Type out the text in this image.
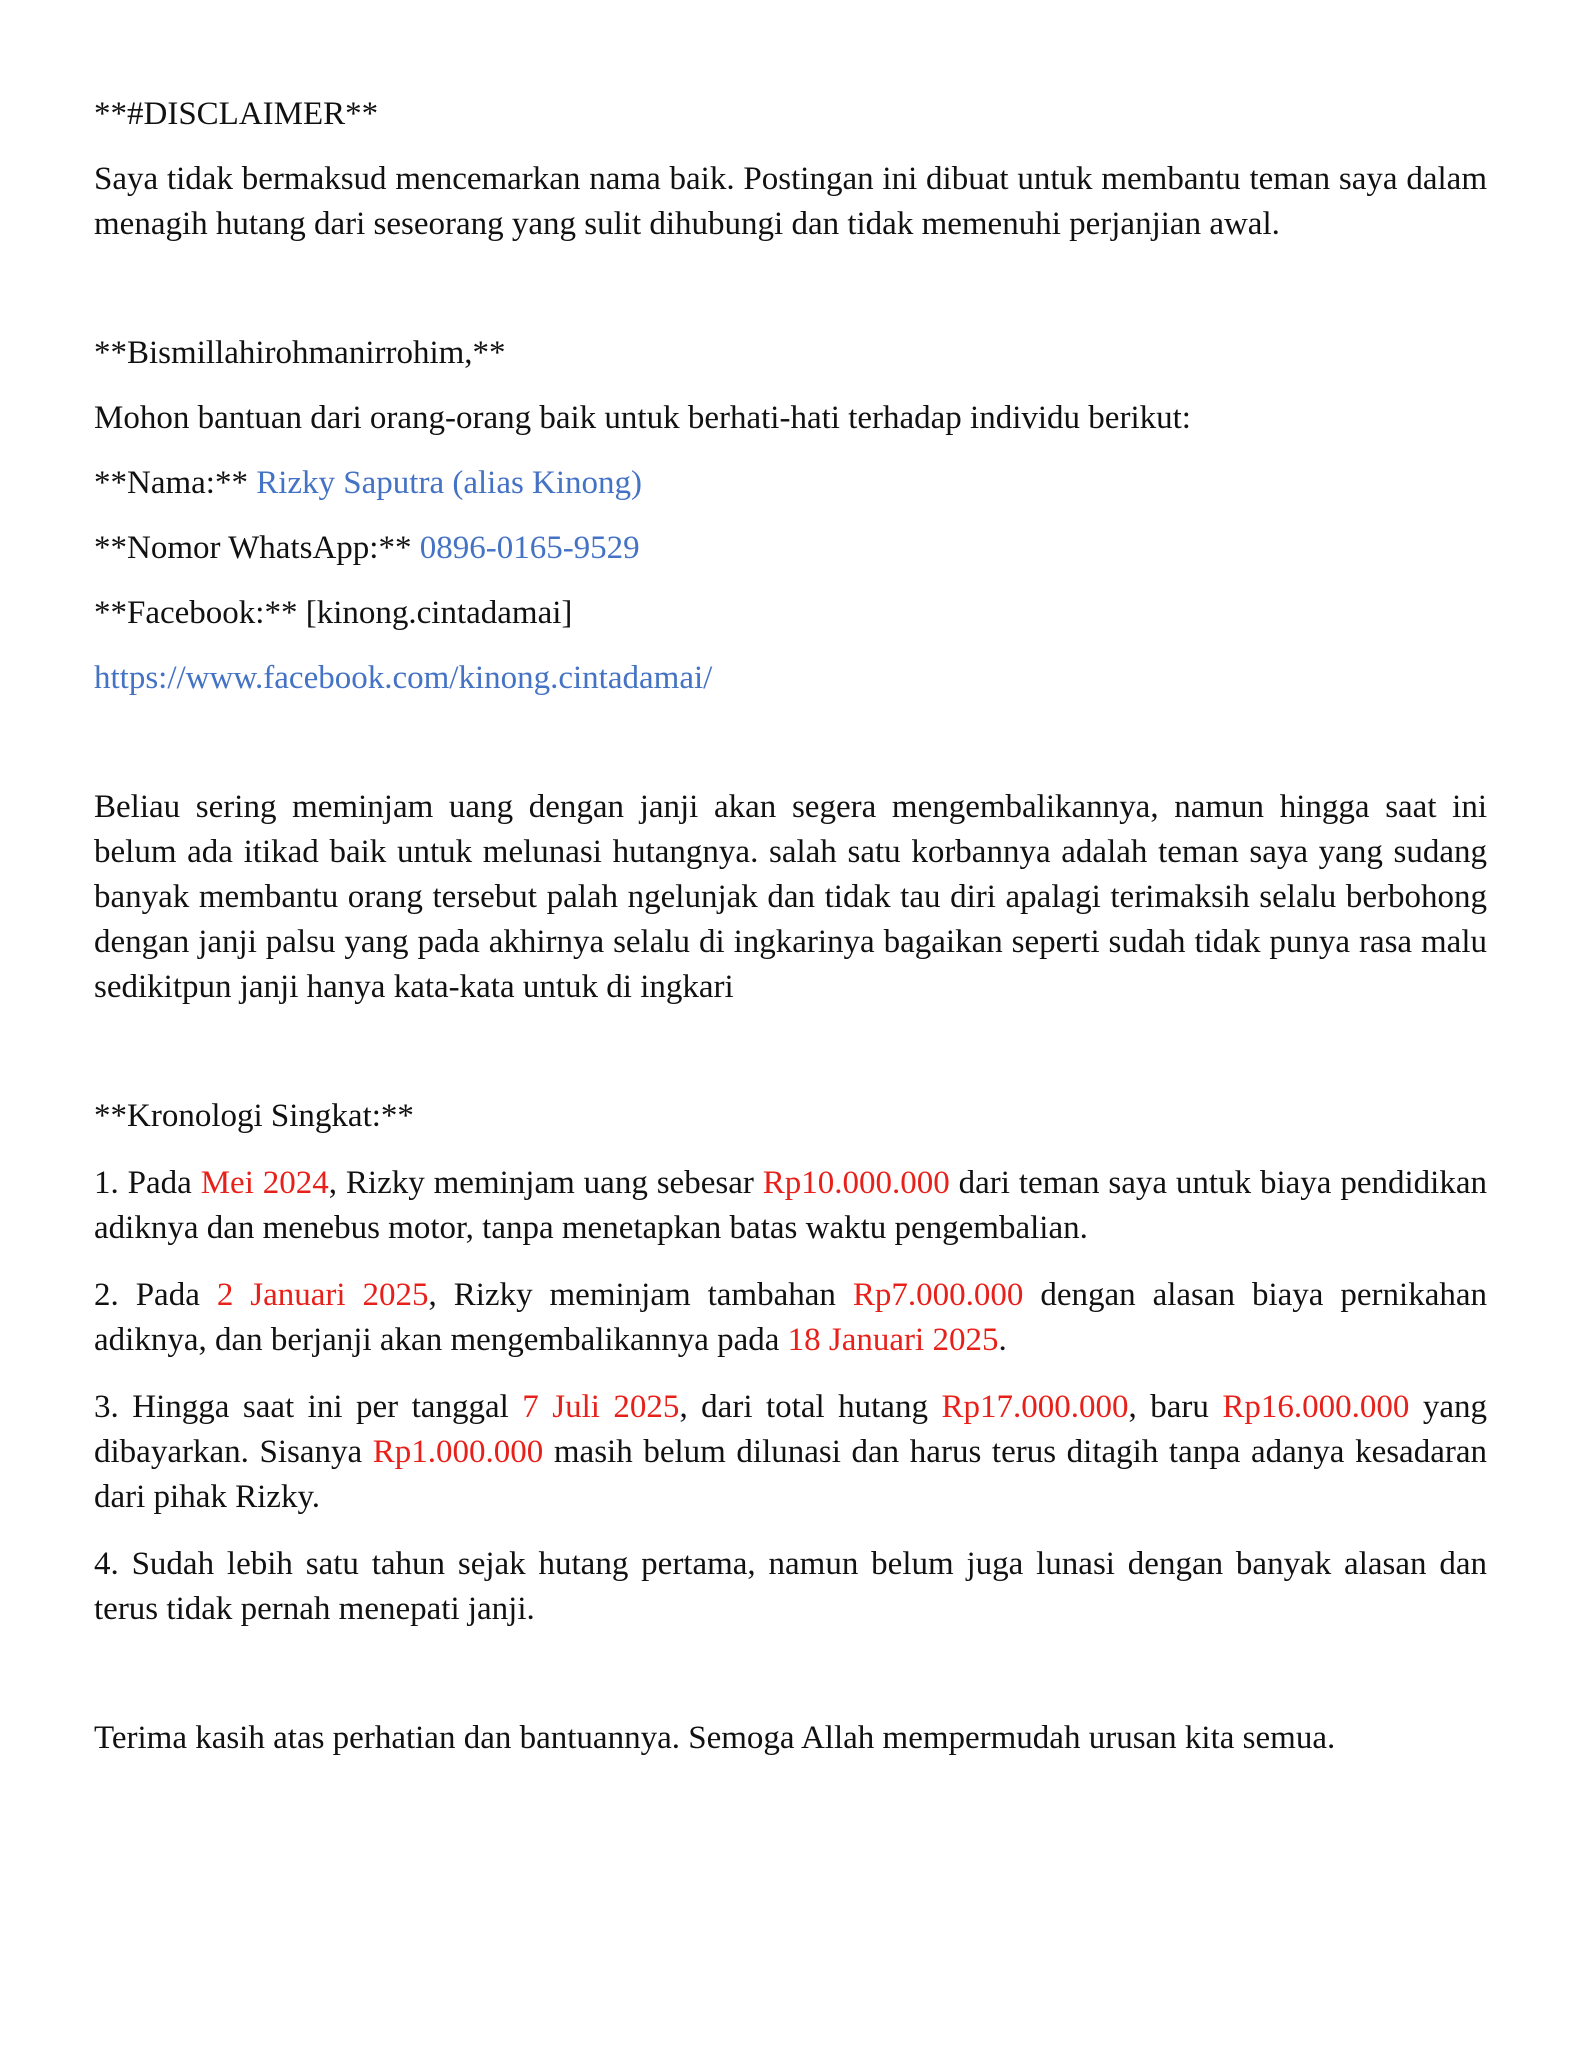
**#DISCLAIMER**

Saya tidak bermaksud mencemarkan nama baik. Postingan ini dibuat untuk membantu teman saya dalam menagih hutang dari seseorang yang sulit dihubungi dan tidak memenuhi perjanjian awal.

**Bismillahirohmanirrohim,**

Mohon bantuan dari orang-orang baik untuk berhati-hati terhadap individu berikut:

**Nama:** Rizky Saputra (alias Kinong)

**Nomor WhatsApp:** 0896-0165-9529

**Facebook:** [kinong.cintadamai]

https://www.facebook.com/kinong.cintadamai/

Beliau sering meminjam uang dengan janji akan segera mengembalikannya, namun hingga saat ini belum ada itikad baik untuk melunasi hutangnya. salah satu korbannya adalah teman saya yang sudang banyak membantu orang tersebut palah ngelunjak dan tidak tau diri apalagi terimaksih selalu berbohong dengan janji palsu yang pada akhirnya selalu di ingkarinya bagaikan seperti sudah tidak punya rasa malu sedikitpun janji hanya kata-kata untuk di ingkari

**Kronologi Singkat:**

1. Pada Mei 2024, Rizky meminjam uang sebesar Rp10.000.000 dari teman saya untuk biaya pendidikan adiknya dan menebus motor, tanpa menetapkan batas waktu pengembalian.

2. Pada 2 Januari 2025, Rizky meminjam tambahan Rp7.000.000 dengan alasan biaya pernikahan adiknya, dan berjanji akan mengembalikannya pada 18 Januari 2025.

3. Hingga saat ini per tanggal 7 Juli 2025, dari total hutang Rp17.000.000, baru Rp16.000.000 yang dibayarkan. Sisanya Rp1.000.000 masih belum dilunasi dan harus terus ditagih tanpa adanya kesadaran dari pihak Rizky.

4. Sudah lebih satu tahun sejak hutang pertama, namun belum juga lunasi dengan banyak alasan dan terus tidak pernah menepati janji.

Terima kasih atas perhatian dan bantuannya. Semoga Allah mempermudah urusan kita semua.
